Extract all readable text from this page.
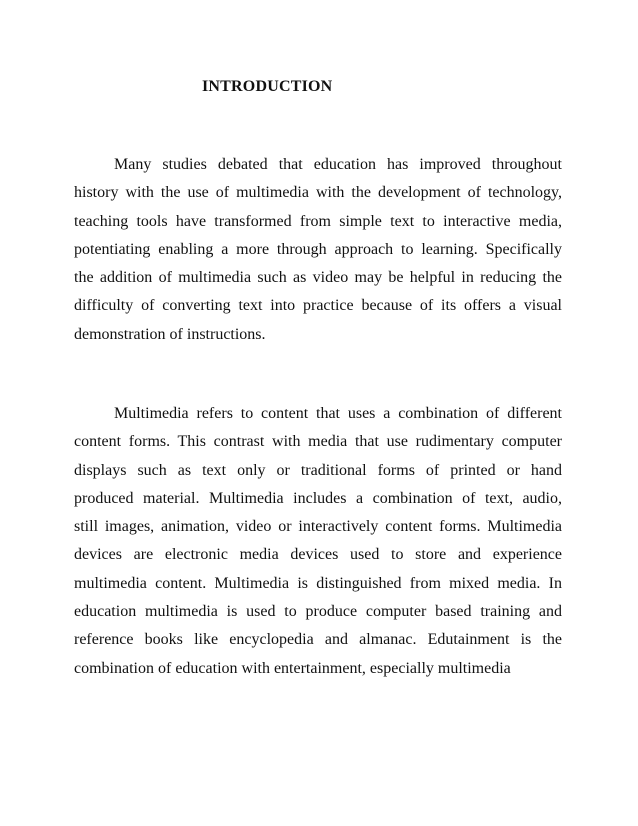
INTRODUCTION
Many studies debated that education has improved throughout
history with the use of multimedia with the development of technology,
teaching tools have transformed from simple text to interactive media,
potentiating enabling a more through approach to learning. Specifically
the addition of multimedia such as video may be helpful in reducing the
difficulty of converting text into practice because of its offers a visual
demonstration of instructions.
Multimedia refers to content that uses a combination of different
content forms. This contrast with media that use rudimentary computer
displays such as text only or traditional forms of printed or hand
produced material. Multimedia includes a combination of text, audio,
still images, animation, video or interactively content forms. Multimedia
devices are electronic media devices used to store and experience
multimedia content. Multimedia is distinguished from mixed media. In
education multimedia is used to produce computer based training and
reference books like encyclopedia and almanac. Edutainment is the
combination of education with entertainment, especially multimedia
